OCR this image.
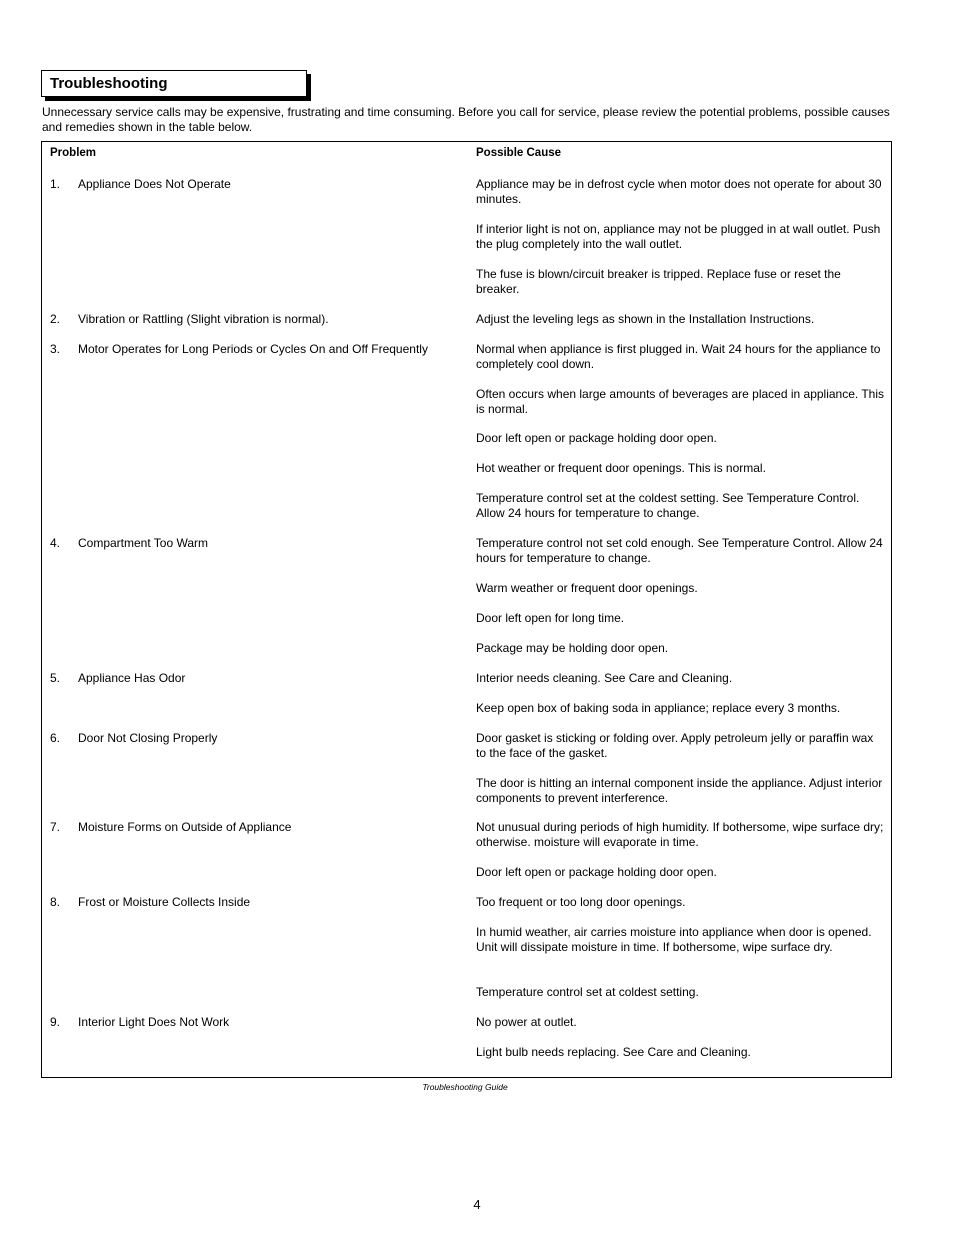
Troubleshooting
Unnecessary service calls may be expensive, frustrating and time consuming. Before you call for service, please review the potential problems, possible causes and remedies shown in the table below.
Problem	Possible Cause
1. Appliance Does Not Operate	Appliance may be in defrost cycle when motor does not operate for about 30 minutes.
If interior light is not on, appliance may not be plugged in at wall outlet. Push the plug completely into the wall outlet.
The fuse is blown/circuit breaker is tripped. Replace fuse or reset the breaker.
2. Vibration or Rattling (Slight vibration is normal).	Adjust the leveling legs as shown in the Installation Instructions.
3. Motor Operates for Long Periods or Cycles On and Off Frequently	Normal when appliance is first plugged in. Wait 24 hours for the appliance to completely cool down.
Often occurs when large amounts of beverages are placed in appliance. This is normal.
Door left open or package holding door open.
Hot weather or frequent door openings. This is normal.
Temperature control set at the coldest setting. See Temperature Control. Allow 24 hours for temperature to change.
4. Compartment Too Warm	Temperature control not set cold enough. See Temperature Control. Allow 24 hours for temperature to change.
Warm weather or frequent door openings.
Door left open for long time.
Package may be holding door open.
5. Appliance Has Odor	Interior needs cleaning. See Care and Cleaning.
Keep open box of baking soda in appliance; replace every 3 months.
6. Door Not Closing Properly	Door gasket is sticking or folding over. Apply petroleum jelly or paraffin wax to the face of the gasket.
The door is hitting an internal component inside the appliance. Adjust interior components to prevent interference.
7. Moisture Forms on Outside of Appliance	Not unusual during periods of high humidity. If bothersome, wipe surface dry; otherwise. moisture will evaporate in time.
Door left open or package holding door open.
8. Frost or Moisture Collects Inside	Too frequent or too long door openings.
In humid weather, air carries moisture into appliance when door is opened. Unit will dissipate moisture in time. If bothersome, wipe surface dry.
Temperature control set at coldest setting.
9. Interior Light Does Not Work	No power at outlet.
Light bulb needs replacing. See Care and Cleaning.
Troubleshooting Guide
4
